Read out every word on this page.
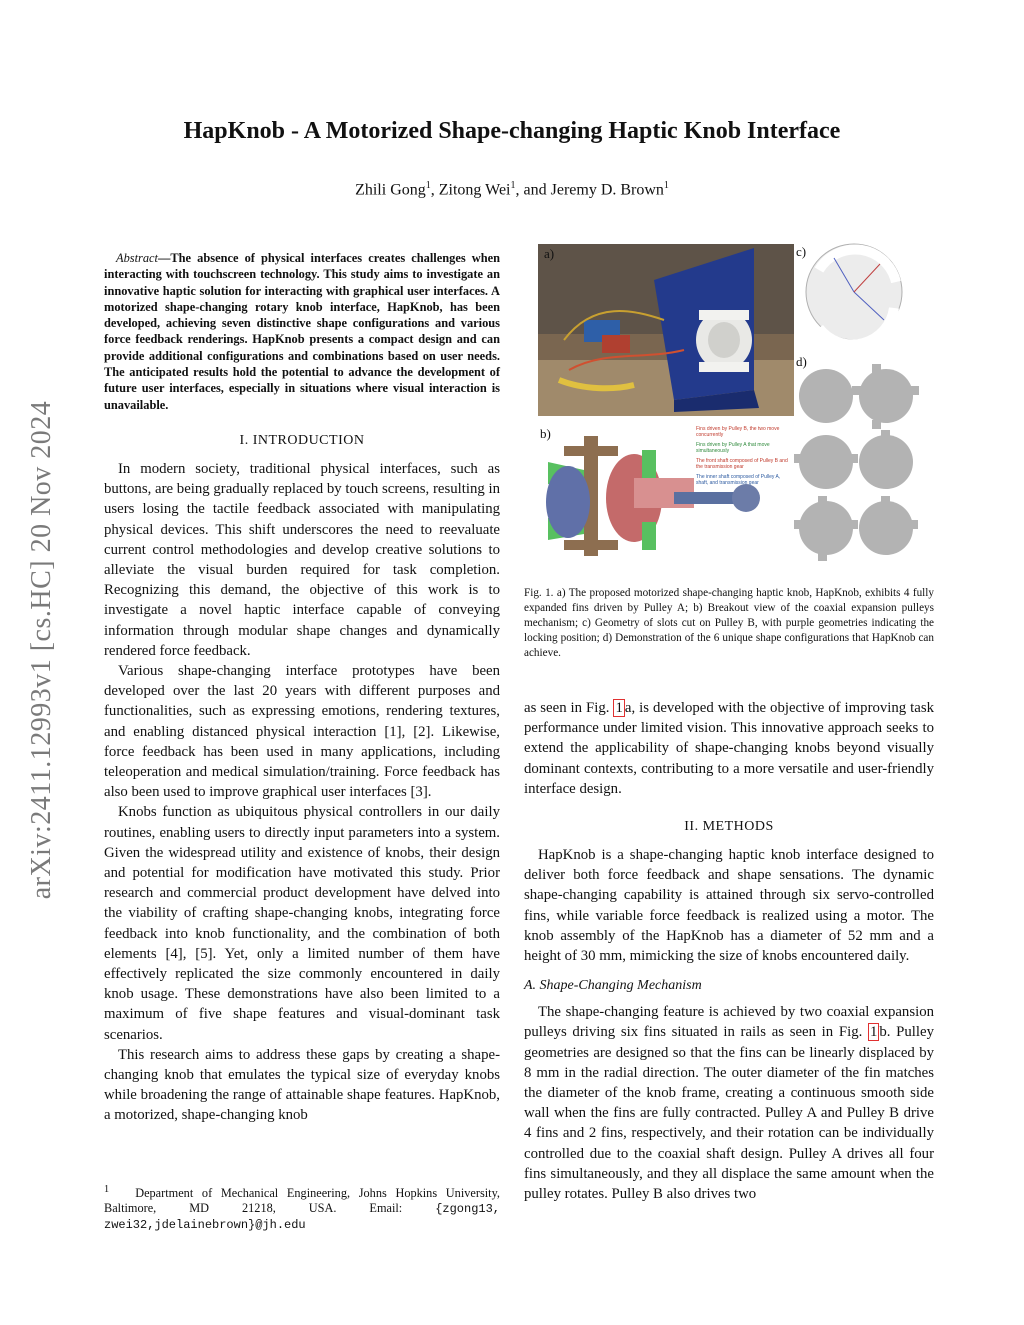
HapKnob - A Motorized Shape-changing Haptic Knob Interface
Zhili Gong$^1$, Zitong Wei$^1$, and Jeremy D. Brown$^1$
arXiv:2411.12993v1 [cs.HC] 20 Nov 2024

Abstract—The absence of physical interfaces creates challenges when interacting with touchscreen technology. This study aims to investigate an innovative haptic solution for interacting with graphical user interfaces. A motorized shape-changing rotary knob interface, HapKnob, has been developed, achieving seven distinctive shape configurations and various force feedback renderings. HapKnob presents a compact design and can provide additional configurations and combinations based on user needs. The anticipated results hold the potential to advance the development of future user interfaces, especially in situations where visual interaction is unavailable.

I. INTRODUCTION

In modern society, traditional physical interfaces, such as buttons, are being gradually replaced by touch screens, resulting in users losing the tactile feedback associated with manipulating physical devices. This shift underscores the need to reevaluate current control methodologies and develop creative solutions to alleviate the visual burden required for task completion. Recognizing this demand, the objective of this work is to investigate a novel haptic interface capable of conveying information through modular shape changes and dynamically rendered force feedback.

Various shape-changing interface prototypes have been developed over the last 20 years with different purposes and functionalities, such as expressing emotions, rendering textures, and enabling distanced physical interaction [1], [2]. Likewise, force feedback has been used in many applications, including teleoperation and medical simulation/training. Force feedback has also been used to improve graphical user interfaces [3].

Knobs function as ubiquitous physical controllers in our daily routines, enabling users to directly input parameters into a system. Given the widespread utility and existence of knobs, their design and potential for modification have motivated this study. Prior research and commercial product development have delved into the viability of crafting shape-changing knobs, integrating force feedback into knob functionality, and the combination of both elements [4], [5]. Yet, only a limited number of them have effectively replicated the size commonly encountered in daily knob usage. These demonstrations have also been limited to a maximum of five shape features and visual-dominant task scenarios.

This research aims to address these gaps by creating a shape-changing knob that emulates the typical size of everyday knobs while broadening the range of attainable shape features. HapKnob, a motorized, shape-changing knob

$^1$ Department of Mechanical Engineering, Johns Hopkins University, Baltimore, MD 21218, USA. Email:	{zgong13, zwei32,jdelainebrown}@jh.edu
a)
b)
c)
d)
Fins driven by Pulley B, the two move concurrently
Fins driven by Pulley A that move simultaneously
The front shaft composed of Pulley B and the transmission gear
The inner shaft composed of Pulley A, shaft, and transmission gear
Fig. 1. a) The proposed motorized shape-changing haptic knob, HapKnob, exhibits 4 fully expanded fins driven by Pulley A; b) Breakout view of the coaxial expansion pulleys mechanism; c) Geometry of slots cut on Pulley B, with purple geometries indicating the locking position; d) Demonstration of the 6 unique shape configurations that HapKnob can achieve.

as seen in Fig. 1 a, is developed with the objective of improving task performance under limited vision. This innovative approach seeks to extend the applicability of shape-changing knobs beyond visually dominant contexts, contributing to a more versatile and user-friendly interface design.

II. METHODS

HapKnob is a shape-changing haptic knob interface designed to deliver both force feedback and shape sensations. The dynamic shape-changing capability is attained through six servo-controlled fins, while variable force feedback is realized using a motor. The knob assembly of the HapKnob has a diameter of 52 mm and a height of 30 mm, mimicking the size of knobs encountered daily.

A. Shape-Changing Mechanism

The shape-changing feature is achieved by two coaxial expansion pulleys driving six fins situated in rails as seen in Fig. 1 b. Pulley geometries are designed so that the fins can be linearly displaced by 8 mm in the radial direction. The outer diameter of the fin matches the diameter of the knob frame, creating a continuous smooth side wall when the fins are fully contracted. Pulley A and Pulley B drive 4 fins and 2 fins, respectively, and their rotation can be individually controlled due to the coaxial shaft design. Pulley A drives all four fins simultaneously, and they all displace the same amount when the pulley rotates. Pulley B also drives two
